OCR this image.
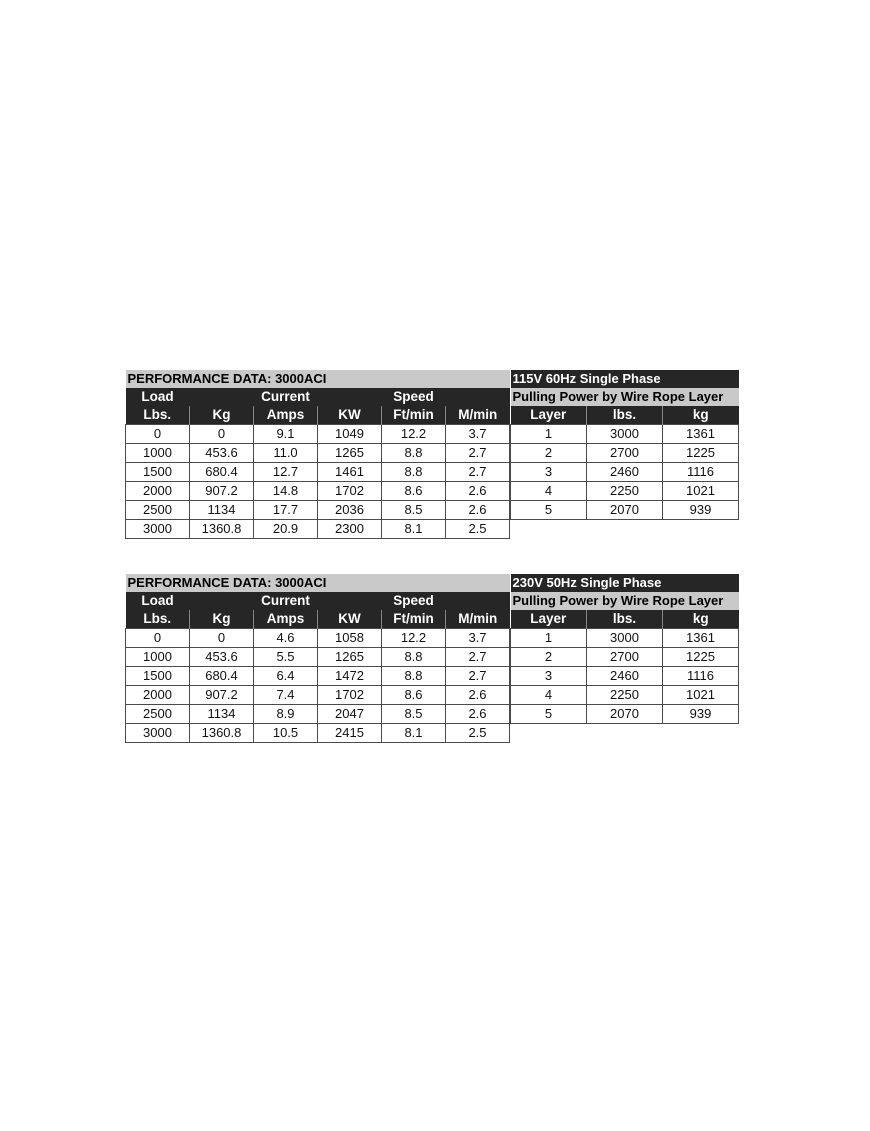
PERFORMANCE DATA: 3000ACI					
Load		Current		Speed	
Lbs.	Kg	Amps	KW	Ft/min	M/min
0	0	9.1	1049	12.2	3.7
1000	453.6	11.0	1265	8.8	2.7
1500	680.4	12.7	1461	8.8	2.7
2000	907.2	14.8	1702	8.6	2.6
2500	1134	17.7	2036	8.5	2.6
3000	1360.8	20.9	2300	8.1	2.5
115V 60Hz Single Phase		
Pulling Power by Wire Rope Layer		
Layer	lbs.	kg
1	3000	1361
2	2700	1225
3	2460	1116
4	2250	1021
5	2070	939
PERFORMANCE DATA: 3000ACI					
Load		Current		Speed	
Lbs.	Kg	Amps	KW	Ft/min	M/min
0	0	4.6	1058	12.2	3.7
1000	453.6	5.5	1265	8.8	2.7
1500	680.4	6.4	1472	8.8	2.7
2000	907.2	7.4	1702	8.6	2.6
2500	1134	8.9	2047	8.5	2.6
3000	1360.8	10.5	2415	8.1	2.5
230V 50Hz Single Phase		
Pulling Power by Wire Rope Layer		
Layer	lbs.	kg
1	3000	1361
2	2700	1225
3	2460	1116
4	2250	1021
5	2070	939
